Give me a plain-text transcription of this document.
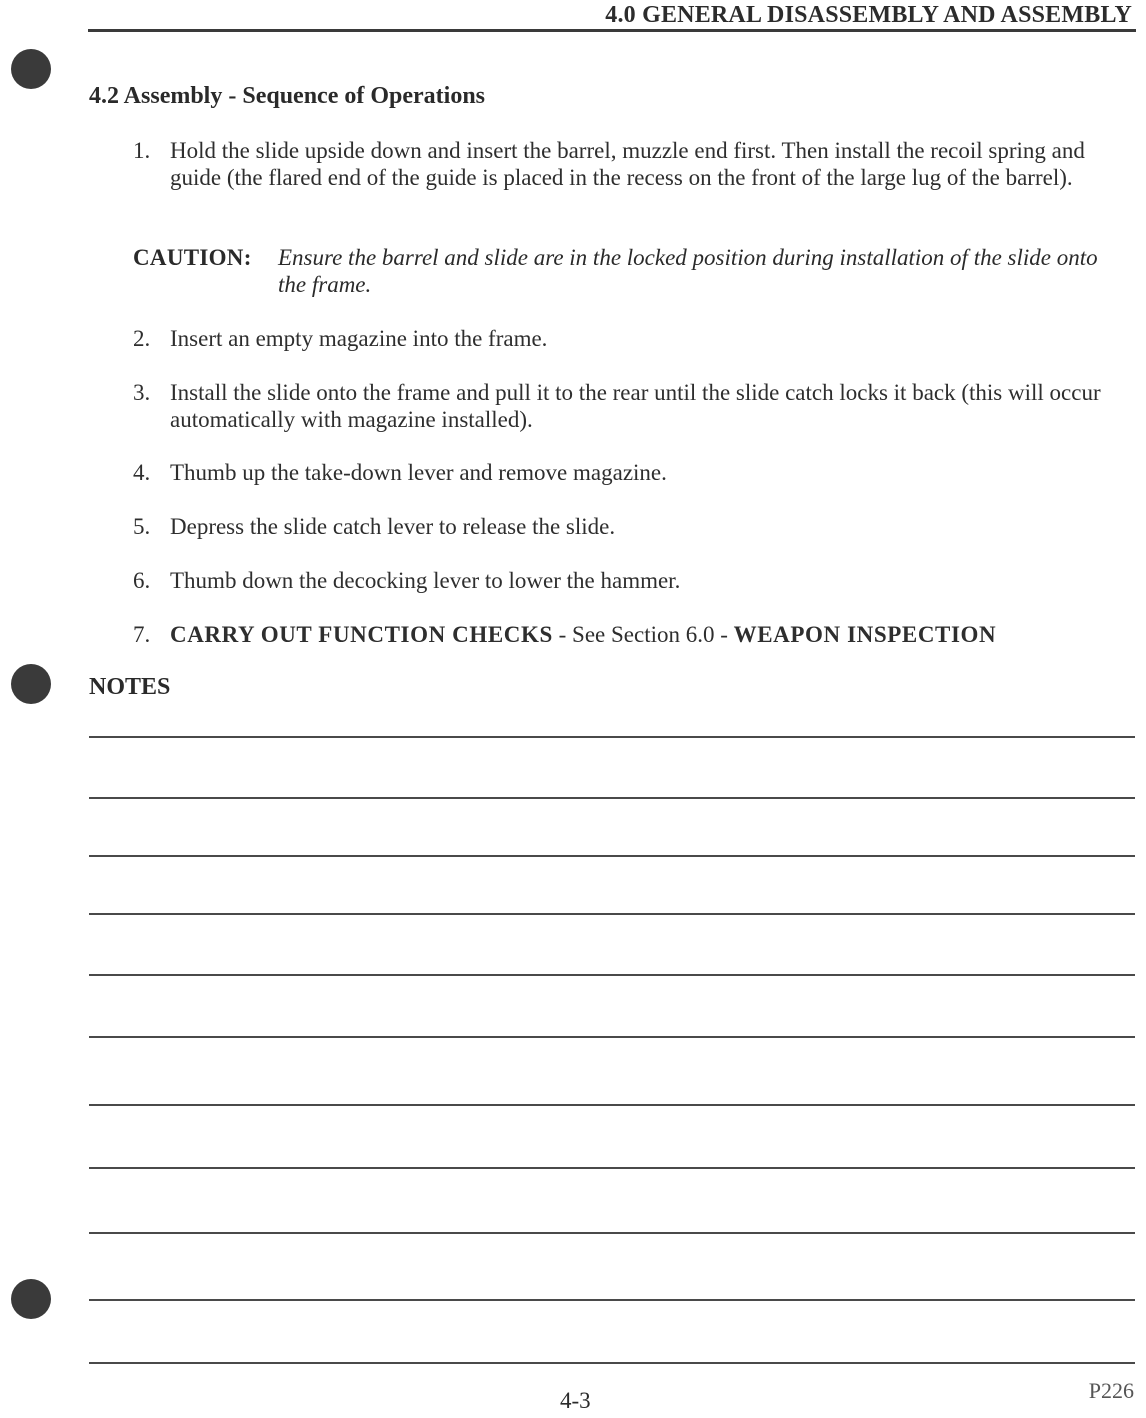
4.0 GENERAL DISASSEMBLY AND ASSEMBLY
4.2 Assembly - Sequence of Operations
1. Hold the slide upside down and insert the barrel, muzzle end first. Then install the recoil spring and guide (the flared end of the guide is placed in the recess on the front of the large lug of the barrel).
CAUTION:	Ensure the barrel and slide are in the locked position during installation of the slide onto the frame.
2. Insert an empty magazine into the frame.
3. Install the slide onto the frame and pull it to the rear until the slide catch locks it back (this will occur automatically with magazine installed).
4. Thumb up the take-down lever and remove magazine.
5. Depress the slide catch lever to release the slide.
6. Thumb down the decocking lever to lower the hammer.
7. CARRY OUT FUNCTION CHECKS - See Section 6.0 - WEAPON INSPECTION
NOTES
4-3	P226
